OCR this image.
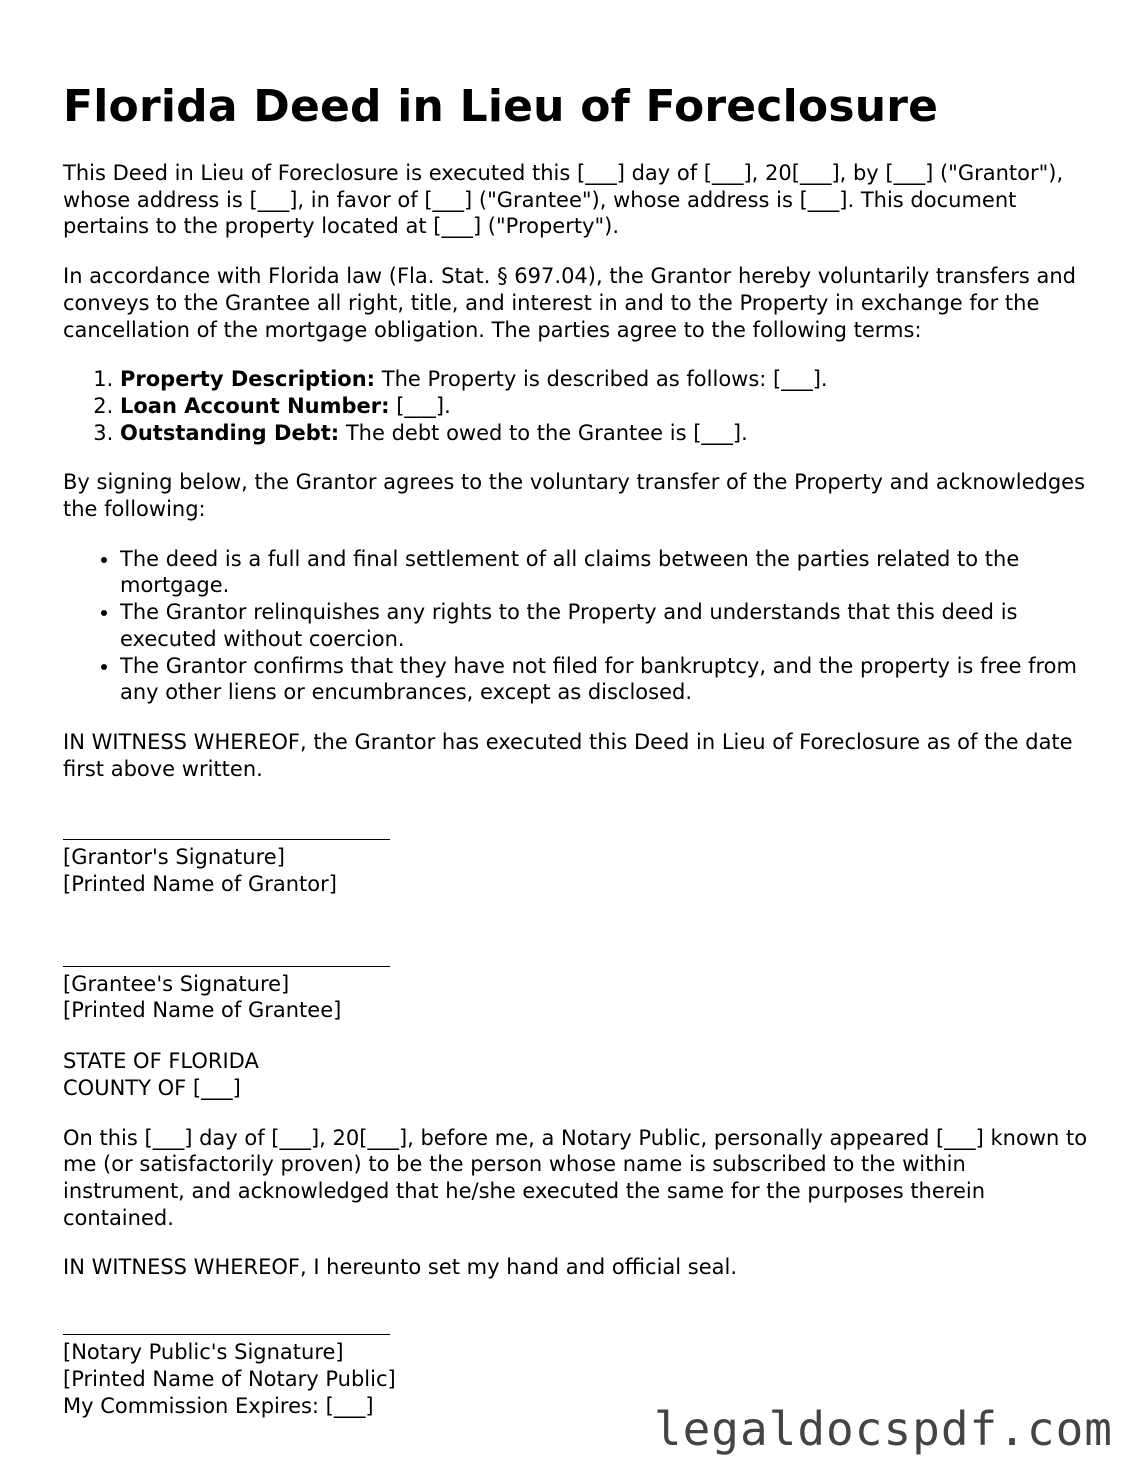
Florida Deed in Lieu of Foreclosure

This Deed in Lieu of Foreclosure is executed this [___] day of [___], 20[___], by [___] ("Grantor"), whose address is [___], in favor of [___] ("Grantee"), whose address is [___]. This document pertains to the property located at [___] ("Property").

In accordance with Florida law (Fla. Stat. § 697.04), the Grantor hereby voluntarily transfers and conveys to the Grantee all right, title, and interest in and to the Property in exchange for the cancellation of the mortgage obligation. The parties agree to the following terms:

1. Property Description: The Property is described as follows: [___].
2. Loan Account Number: [___].
3. Outstanding Debt: The debt owed to the Grantee is [___].

By signing below, the Grantor agrees to the voluntary transfer of the Property and acknowledges the following:

• The deed is a full and final settlement of all claims between the parties related to the mortgage.
• The Grantor relinquishes any rights to the Property and understands that this deed is executed without coercion.
• The Grantor confirms that they have not filed for bankruptcy, and the property is free from any other liens or encumbrances, except as disclosed.

IN WITNESS WHEREOF, the Grantor has executed this Deed in Lieu of Foreclosure as of the date first above written.

[Grantor's Signature]
[Printed Name of Grantor]
[Grantee's Signature]
[Printed Name of Grantee]
STATE OF FLORIDA
COUNTY OF [___]

On this [___] day of [___], 20[___], before me, a Notary Public, personally appeared [___] known to me (or satisfactorily proven) to be the person whose name is subscribed to the within instrument, and acknowledged that he/she executed the same for the purposes therein contained.

IN WITNESS WHEREOF, I hereunto set my hand and official seal.

[Notary Public's Signature]
[Printed Name of Notary Public]
My Commission Expires: [___]	legaldocspdf.com
